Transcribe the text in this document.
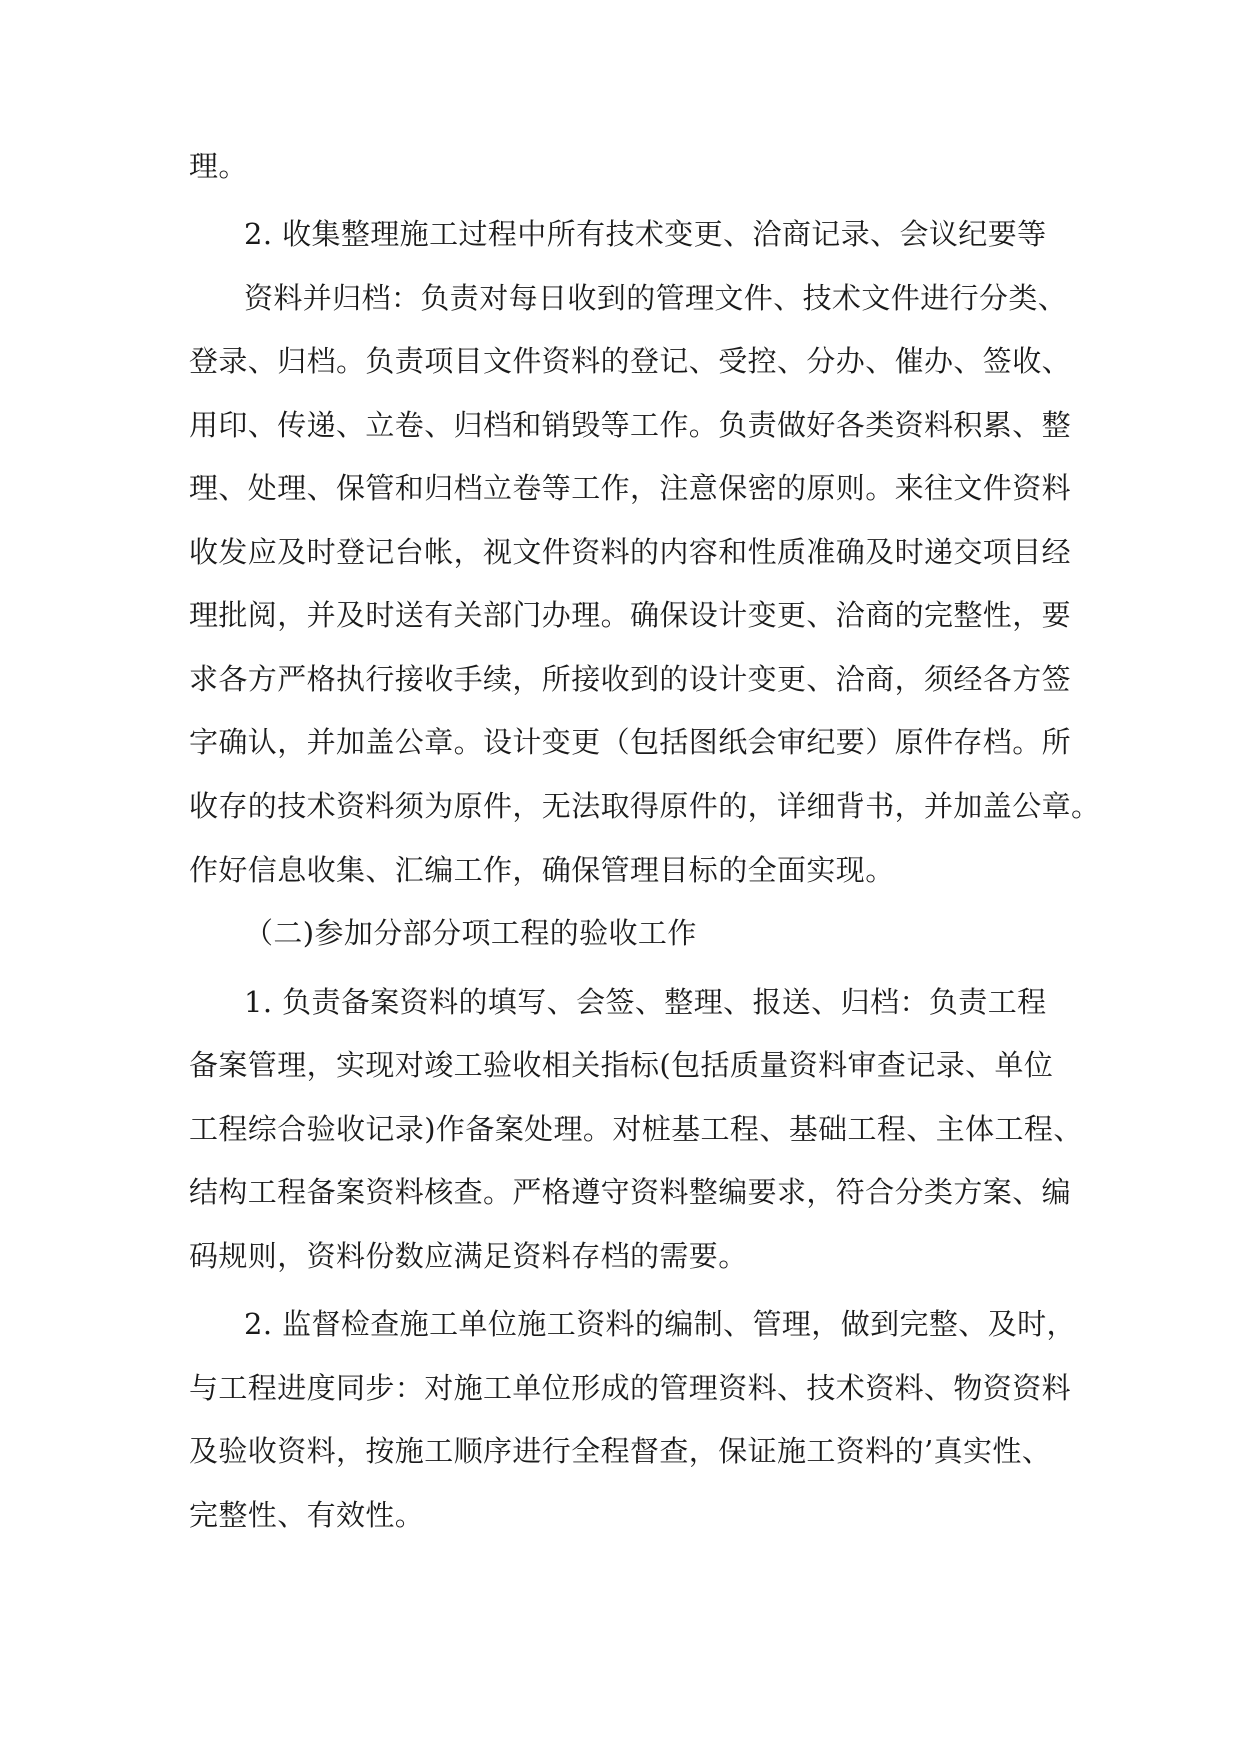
理。
2. 收集整理施工过程中所有技术变更、洽商记录、会议纪要等
资料并归档：负责对每日收到的管理文件、技术文件进行分类、
登录、归档。负责项目文件资料的登记、受控、分办、催办、签收、
用印、传递、立卷、归档和销毁等工作。负责做好各类资料积累、整
理、处理、保管和归档立卷等工作，注意保密的原则。来往文件资料
收发应及时登记台帐，视文件资料的内容和性质准确及时递交项目经
理批阅，并及时送有关部门办理。确保设计变更、洽商的完整性，要
求各方严格执行接收手续，所接收到的设计变更、洽商，须经各方签
字确认，并加盖公章。设计变更（包括图纸会审纪要）原件存档。所
收存的技术资料须为原件，无法取得原件的，详细背书，并加盖公章。
作好信息收集、汇编工作，确保管理目标的全面实现。
（二)参加分部分项工程的验收工作
1. 负责备案资料的填写、会签、整理、报送、归档：负责工程
备案管理，实现对竣工验收相关指标(包括质量资料审查记录、单位
工程综合验收记录)作备案处理。对桩基工程、基础工程、主体工程、
结构工程备案资料核查。严格遵守资料整编要求，符合分类方案、编
码规则，资料份数应满足资料存档的需要。
2. 监督检查施工单位施工资料的编制、管理，做到完整、及时，
与工程进度同步：对施工单位形成的管理资料、技术资料、物资资料
及验收资料，按施工顺序进行全程督查，保证施工资料的’真实性、
完整性、有效性。
